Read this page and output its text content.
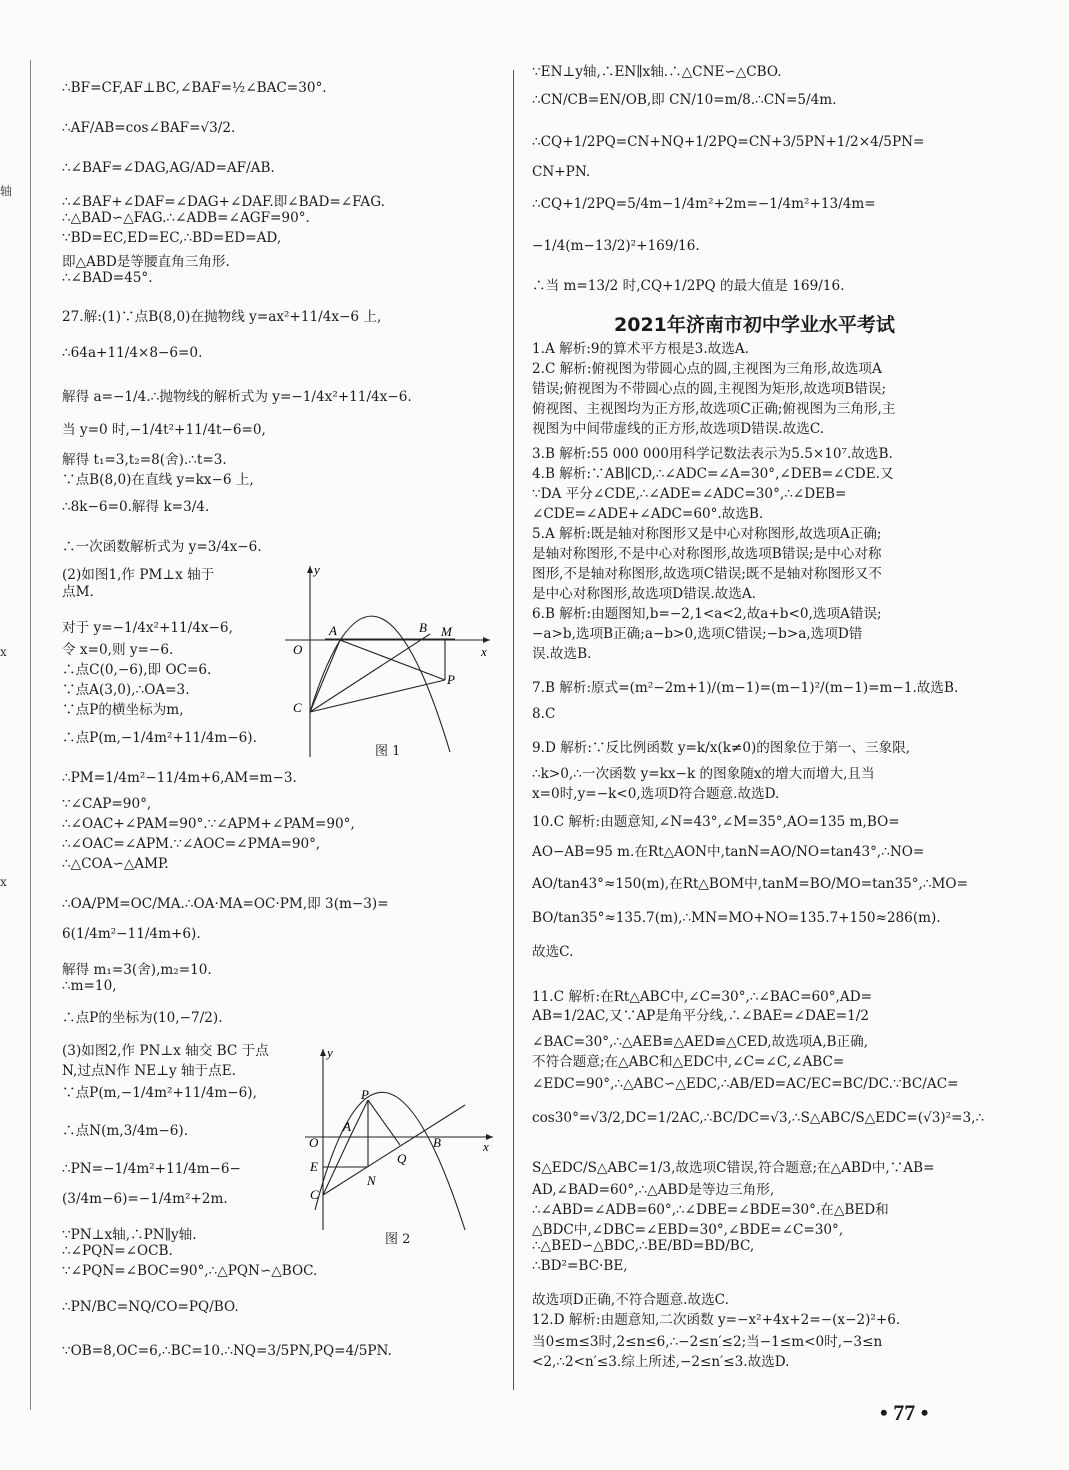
轴
x
x
∴BF=CF,AF⊥BC,∠BAF=½∠BAC=30°.
∴AF/AB=cos∠BAF=√3/2.
∴∠BAF=∠DAG,AG/AD=AF/AB.
∴∠BAF+∠DAF=∠DAG+∠DAF.即∠BAD=∠FAG.
∴△BAD∽△FAG.∴∠ADB=∠AGF=90°.
∵BD=EC,ED=EC,∴BD=ED=AD,
即△ABD是等腰直角三角形.
∴∠BAD=45°.
27.解:(1)∵点B(8,0)在抛物线 y=ax²+11/4x−6 上,
∴64a+11/4×8−6=0.
解得 a=−1/4.∴抛物线的解析式为 y=−1/4x²+11/4x−6.
当 y=0 时,−1/4t²+11/4t−6=0,
解得 t₁=3,t₂=8(舍).∴t=3.
∵点B(8,0)在直线 y=kx−6 上,
∴8k−6=0.解得 k=3/4.
∴一次函数解析式为 y=3/4x−6.
(2)如图1,作 PM⊥x 轴于
点M.
对于 y=−1/4x²+11/4x−6,
令 x=0,则 y=−6.
∴点C(0,−6),即 OC=6.
∵点A(3,0),∴OA=3.
∵点P的横坐标为m,
∴点P(m,−1/4m²+11/4m−6).
∴PM=1/4m²−11/4m+6,AM=m−3.
∵∠CAP=90°,
∴∠OAC+∠PAM=90°.∵∠APM+∠PAM=90°,
∴∠OAC=∠APM.∵∠AOC=∠PMA=90°,
∴△COA∽△AMP.
∴OA/PM=OC/MA.∴OA·MA=OC·PM,即 3(m−3)=
6(1/4m²−11/4m+6).
解得 m₁=3(舍),m₂=10.
∴m=10,
∴点P的坐标为(10,−7/2).
(3)如图2,作 PN⊥x 轴交 BC 于点
N,过点N作 NE⊥y 轴于点E.
∵点P(m,−1/4m²+11/4m−6),
∴点N(m,3/4m−6).
∴PN=−1/4m²+11/4m−6−
(3/4m−6)=−1/4m²+2m.
∵PN⊥x轴,∴PN∥y轴.
∴∠PQN=∠OCB.
∵∠PQN=∠BOC=90°,∴△PQN∽△BOC.
∴PN/BC=NQ/CO=PQ/BO.
∵OB=8,OC=6,∴BC=10.∴NQ=3/5PN,PQ=4/5PN.
2021年济南市初中学业水平考试
∵EN⊥y轴,∴EN∥x轴.∴△CNE∽△CBO.
∴CN/CB=EN/OB,即 CN/10=m/8.∴CN=5/4m.
∴CQ+1/2PQ=CN+NQ+1/2PQ=CN+3/5PN+1/2×4/5PN=
CN+PN.
∴CQ+1/2PQ=5/4m−1/4m²+2m=−1/4m²+13/4m=
−1/4(m−13/2)²+169/16.
∴当 m=13/2 时,CQ+1/2PQ 的最大值是 169/16.
1.A 解析:9的算术平方根是3.故选A.
2.C 解析:俯视图为带圆心点的圆,主视图为三角形,故选项A
错误;俯视图为不带圆心点的圆,主视图为矩形,故选项B错误;
俯视图、主视图均为正方形,故选项C正确;俯视图为三角形,主
视图为中间带虚线的正方形,故选项D错误.故选C.
3.B 解析:55 000 000用科学记数法表示为5.5×10⁷.故选B.
4.B 解析:∵AB∥CD,∴∠ADC=∠A=30°,∠DEB=∠CDE.又
∵DA 平分∠CDE,∴∠ADE=∠ADC=30°,∴∠DEB=
∠CDE=∠ADE+∠ADC=60°.故选B.
5.A 解析:既是轴对称图形又是中心对称图形,故选项A正确;
是轴对称图形,不是中心对称图形,故选项B错误;是中心对称
图形,不是轴对称图形,故选项C错误;既不是轴对称图形又不
是中心对称图形,故选项D错误.故选A.
6.B 解析:由题图知,b=−2,1<a<2,故a+b<0,选项A错误;
−a>b,选项B正确;a−b>0,选项C错误;−b>a,选项D错
误.故选B.
7.B 解析:原式=(m²−2m+1)/(m−1)=(m−1)²/(m−1)=m−1.故选B.
8.C
9.D 解析:∵反比例函数 y=k/x(k≠0)的图象位于第一、三象限,
∴k>0,∴一次函数 y=kx−k 的图象随x的增大而增大,且当
x=0时,y=−k<0,选项D符合题意.故选D.
10.C 解析:由题意知,∠N=43°,∠M=35°,AO=135 m,BO=
AO−AB=95 m.在Rt△AON中,tanN=AO/NO=tan43°,∴NO=
AO/tan43°≈150(m),在Rt△BOM中,tanM=BO/MO=tan35°,∴MO=
BO/tan35°≈135.7(m),∴MN=MO+NO=135.7+150≈286(m).
故选C.
11.C 解析:在Rt△ABC中,∠C=30°,∴∠BAC=60°,AD=
AB=1/2AC,又∵AP是角平分线,∴∠BAE=∠DAE=1/2
∠BAC=30°,∴△AEB≌△AED≌△CED,故选项A,B正确,
不符合题意;在△ABC和△EDC中,∠C=∠C,∠ABC=
∠EDC=90°,∴△ABC∽△EDC,∴AB/ED=AC/EC=BC/DC.∵BC/AC=
cos30°=√3/2,DC=1/2AC,∴BC/DC=√3,∴S△ABC/S△EDC=(√3)²=3,∴
S△EDC/S△ABC=1/3,故选项C错误,符合题意;在△ABD中,∵AB=
AD,∠BAD=60°,∴△ABD是等边三角形,
∴∠ABD=∠ADB=60°,∴∠DBE=∠BDE=30°.在△BED和
△BDC中,∠DBC=∠EBD=30°,∠BDE=∠C=30°,
∴△BED∽△BDC,∴BE/BD=BD/BC,
∴BD²=BC·BE,
故选项D正确,不符合题意.故选C.
12.D 解析:由题意知,二次函数 y=−x²+4x+2=−(x−2)²+6.
当0≤m≤3时,2≤n≤6,∴−2≤n′≤2;当−1≤m<0时,−3≤n
<2,∴2<n′≤3.综上所述,−2≤n′≤3.故选D.
y
x
O
A	B M
C
P
图 1
y
x
O
A
B
P
Q
E
N
C
图 2
• 77 •
